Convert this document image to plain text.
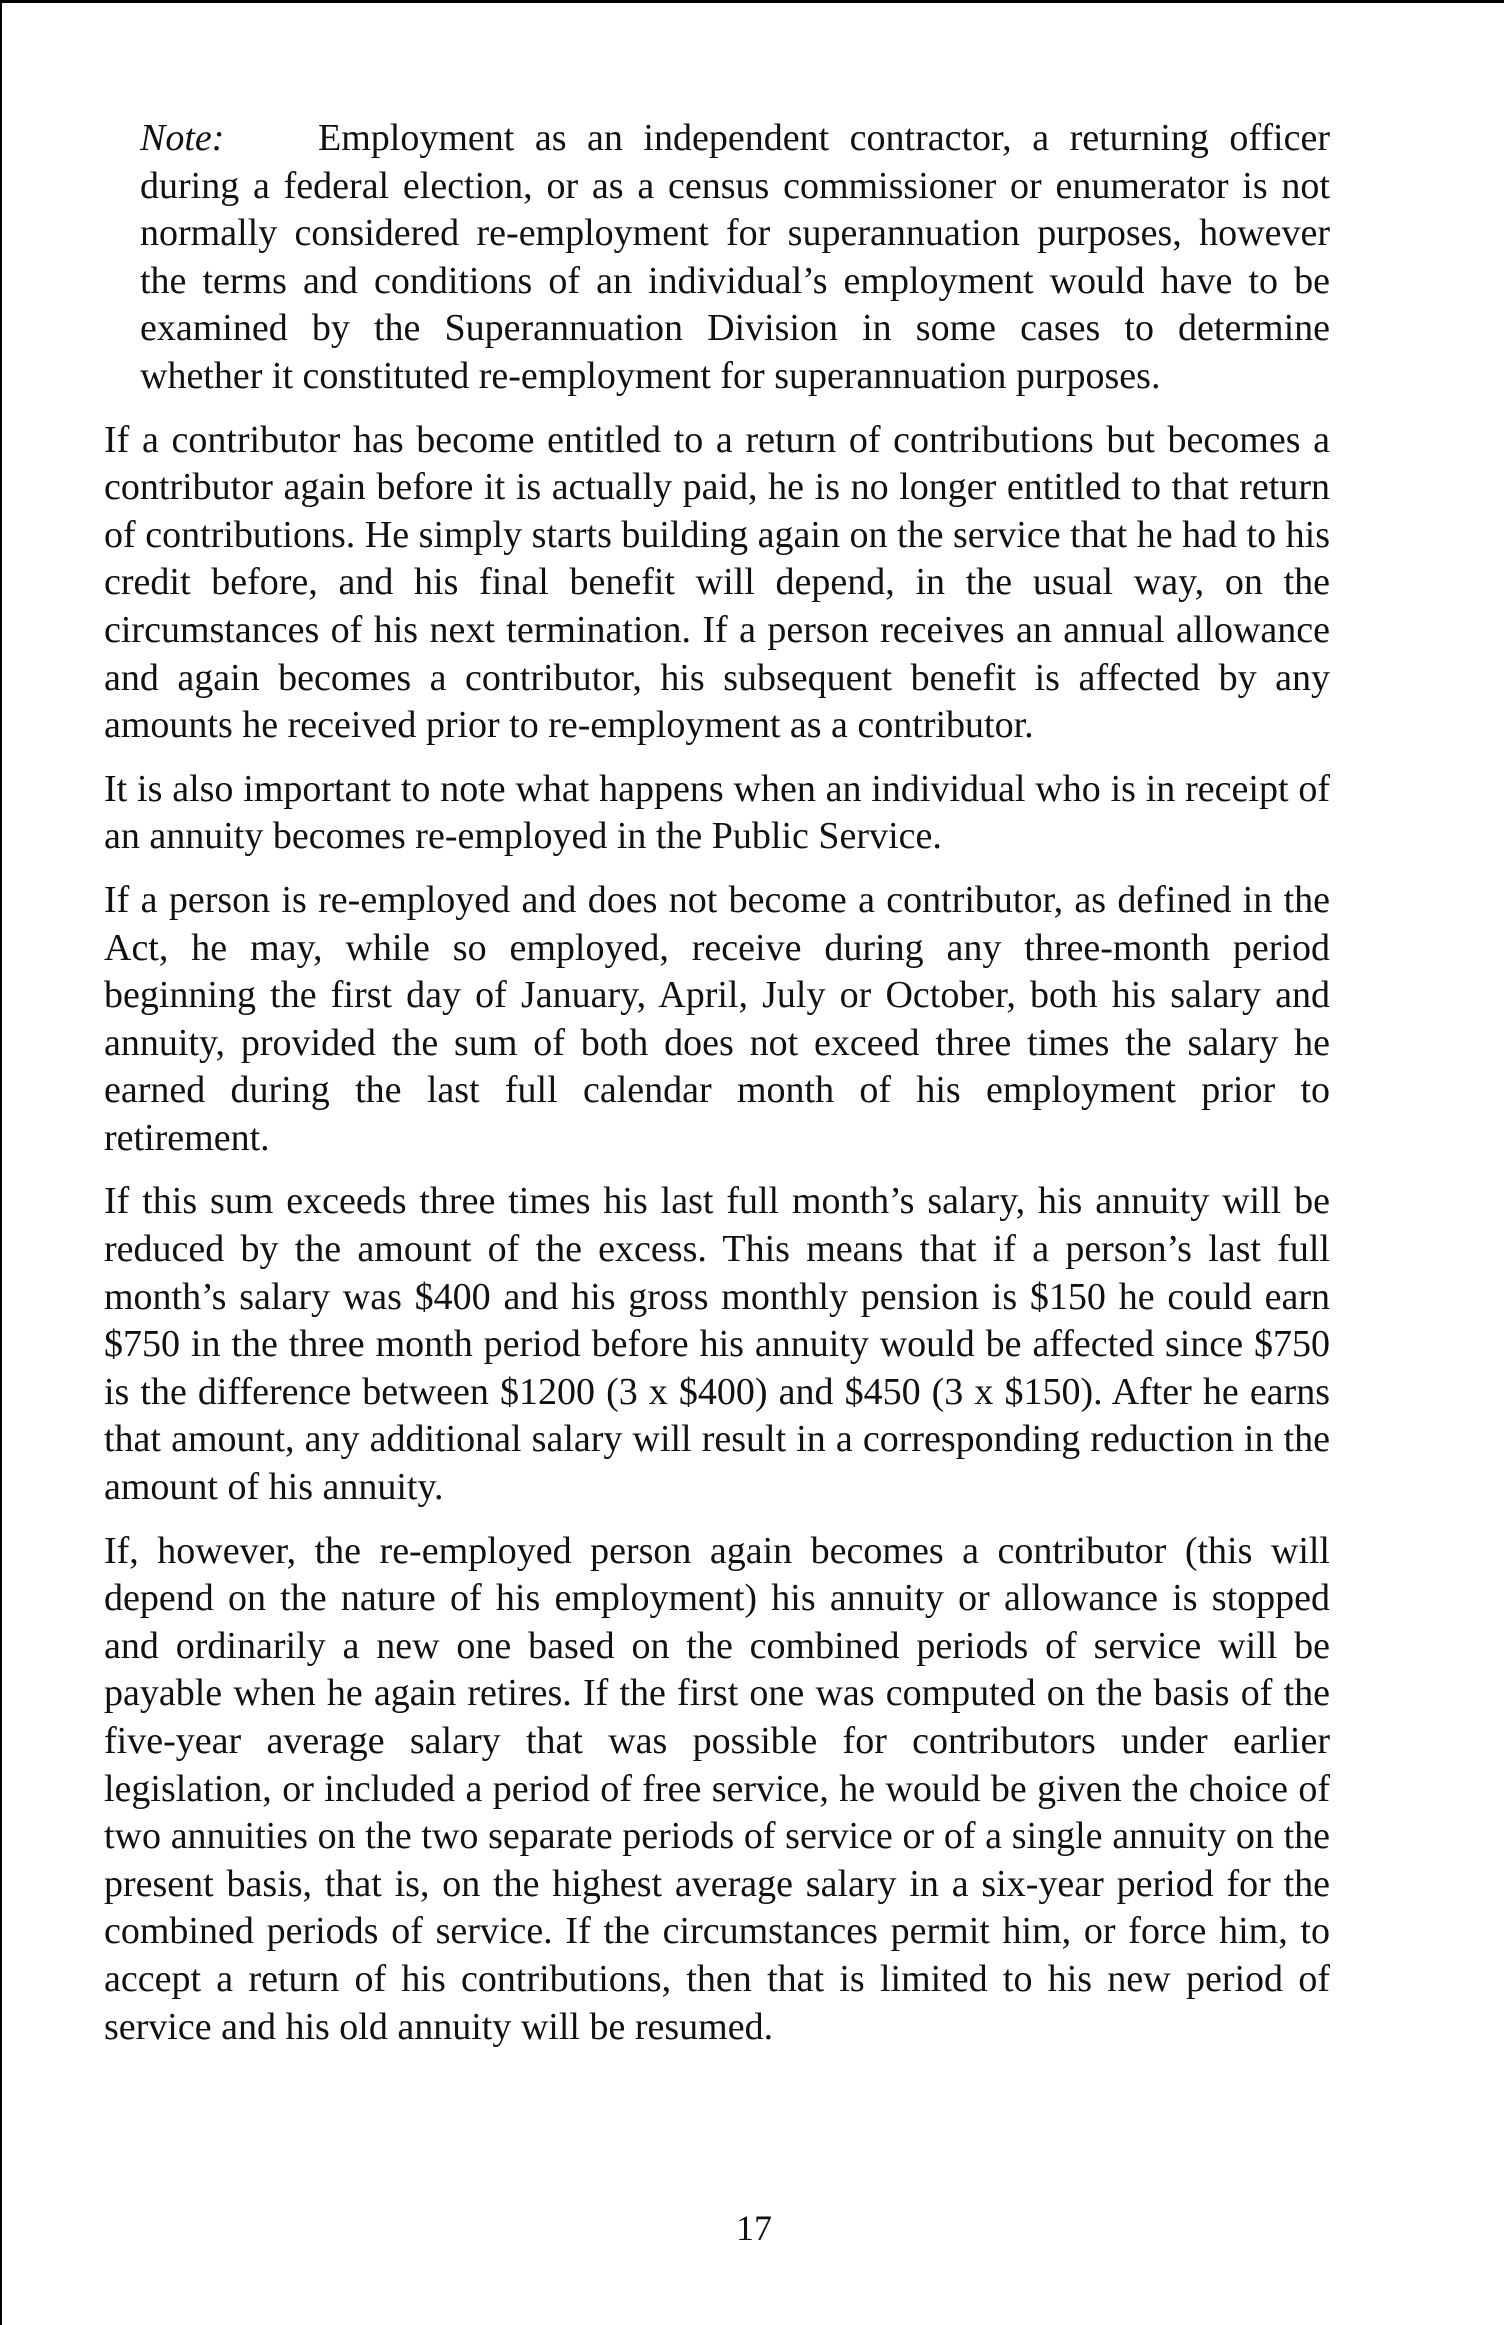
Note: Employment as an independent contractor, a returning officer during a federal election, or as a census commissioner or enumerator is not normally considered re-employment for superannuation purposes, however the terms and conditions of an individual’s employment would have to be examined by the Superannuation Division in some cases to determine whether it constituted re-employment for superannuation purposes.

If a contributor has become entitled to a return of contributions but becomes a contributor again before it is actually paid, he is no longer entitled to that return of contributions. He simply starts building again on the service that he had to his credit before, and his final benefit will depend, in the usual way, on the circumstances of his next termination. If a person receives an annual allowance and again becomes a contributor, his subsequent benefit is affected by any amounts he received prior to re-employment as a contributor.

It is also important to note what happens when an individual who is in receipt of an annuity becomes re-employed in the Public Service.

If a person is re-employed and does not become a contributor, as defined in the Act, he may, while so employed, receive during any three-month period beginning the first day of January, April, July or October, both his salary and annuity, provided the sum of both does not exceed three times the salary he earned during the last full calendar month of his employment prior to retirement.

If this sum exceeds three times his last full month’s salary, his annuity will be reduced by the amount of the excess. This means that if a person’s last full month’s salary was $400 and his gross monthly pension is $150 he could earn $750 in the three month period before his annuity would be affected since $750 is the difference between $1200 (3 x $400) and $450 (3 x $150). After he earns that amount, any additional salary will result in a corresponding reduction in the amount of his annuity.

If, however, the re-employed person again becomes a contributor (this will depend on the nature of his employment) his annuity or allowance is stopped and ordinarily a new one based on the combined periods of service will be payable when he again retires. If the first one was computed on the basis of the five-year average salary that was possible for contributors under earlier legislation, or included a period of free service, he would be given the choice of two annuities on the two separate periods of service or of a single annuity on the present basis, that is, on the highest average salary in a six-year period for the combined periods of service. If the circumstances permit him, or force him, to accept a return of his contributions, then that is limited to his new period of service and his old annuity will be resumed.

17
